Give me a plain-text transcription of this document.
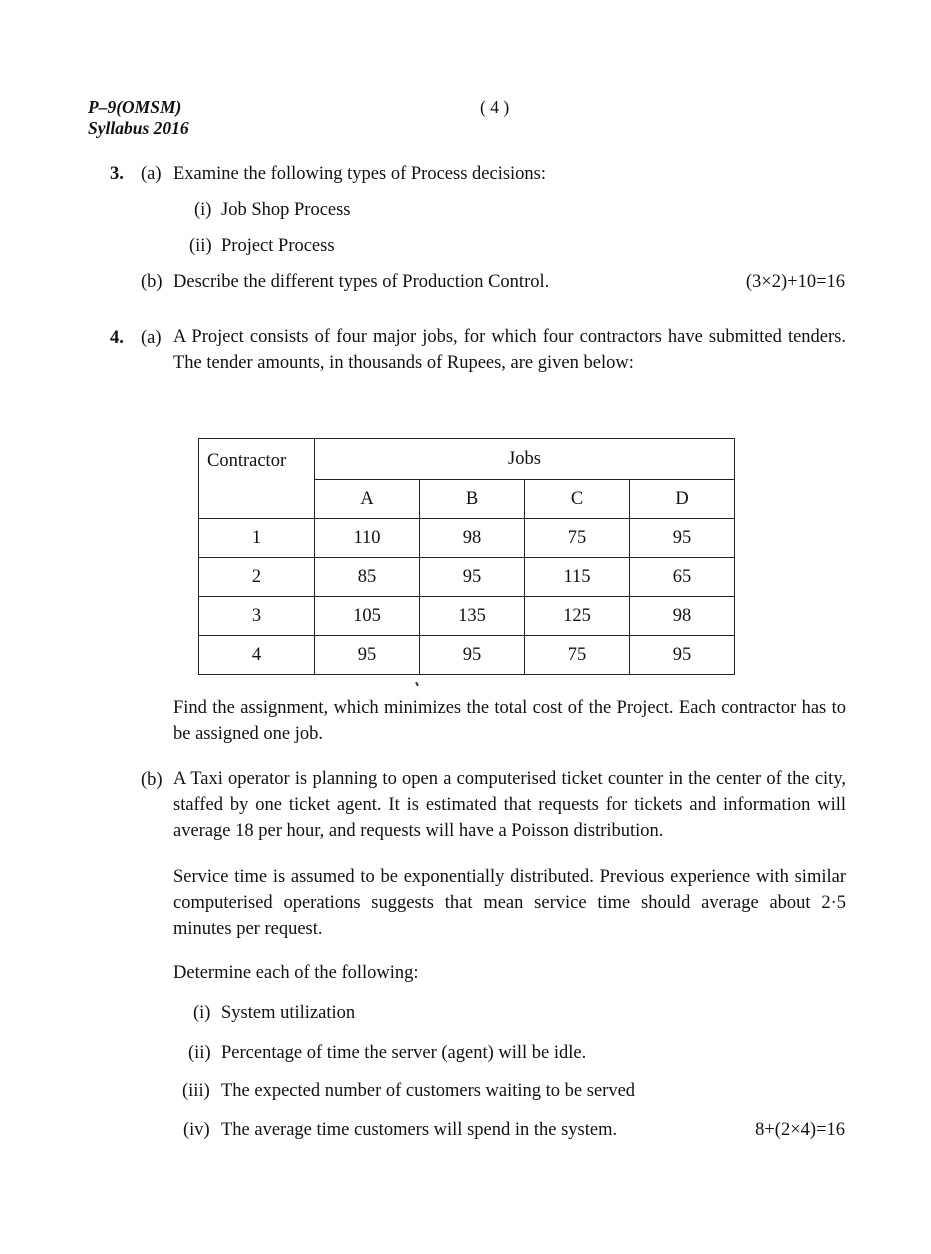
P–9(OMSM)
Syllabus 2016
( 4 )
3. (a) Examine the following types of Process decisions:
(i) Job Shop Process
(ii) Project Process
(b) Describe the different types of Production Control.	(3×2)+10=16
4. (a) A Project consists of four major jobs, for which four contractors have submitted tenders. The tender amounts, in thousands of Rupees, are given below:
Contractor	Jobs			
	A	B	C	D
1	110	98	75	95
2	85	95	115	65
3	105	135	125	98
4	95	95	75	95
Find the assignment, which minimizes the total cost of the Project. Each contractor has to be assigned one job.
(b) A Taxi operator is planning to open a computerised ticket counter in the center of the city, staffed by one ticket agent. It is estimated that requests for tickets and information will average 18 per hour, and requests will have a Poisson distribution.
Service time is assumed to be exponentially distributed. Previous experience with similar computerised operations suggests that mean service time should average about 2·5 minutes per request.
Determine each of the following:
(i) System utilization
(ii) Percentage of time the server (agent) will be idle.
(iii) The expected number of customers waiting to be served
(iv) The average time customers will spend in the system.	8+(2×4)=16
